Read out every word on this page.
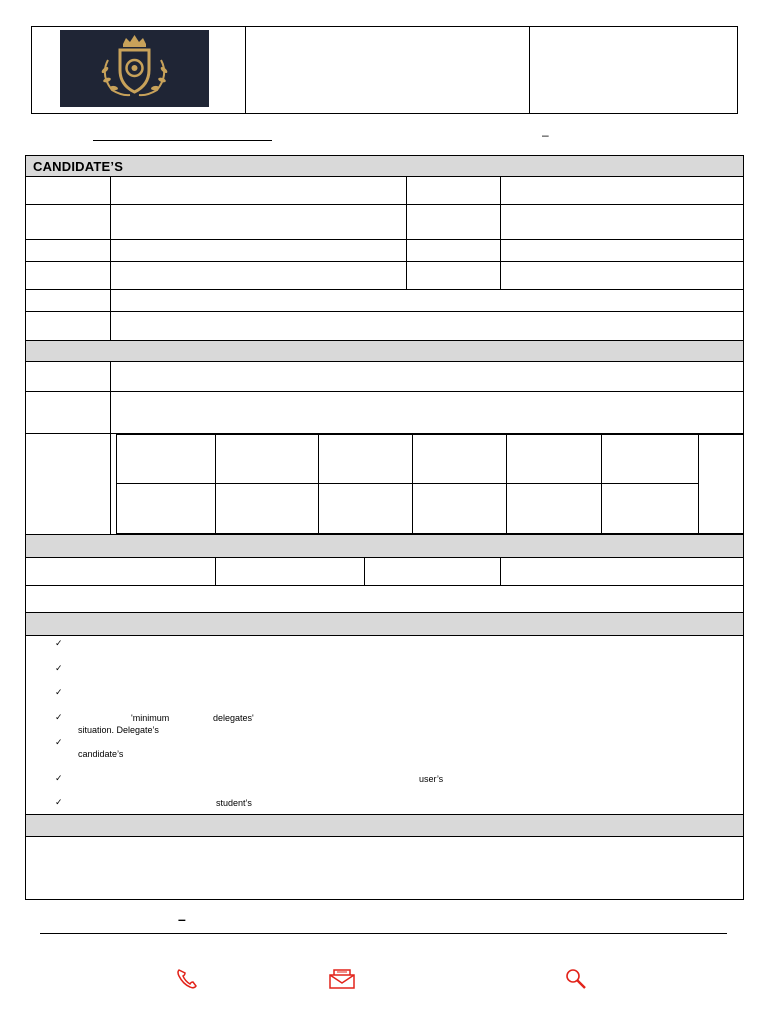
–
CANDIDATE’S
✓
✓
✓
✓	'minimum	delegates'
situation. Delegate’s
✓
candidate’s
✓	user’s
✓	student’s
–
